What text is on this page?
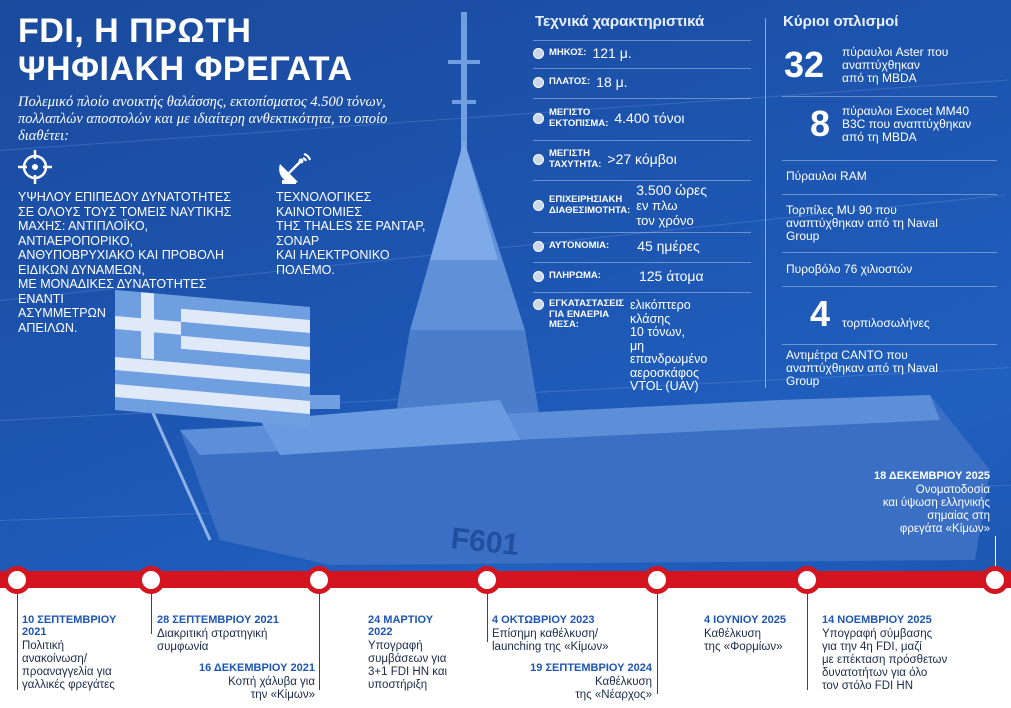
F601
FDI, Η ΠΡΩΤΗ
ΨΗΦΙΑΚΗ ΦΡΕΓΑΤΑ
Πολεμικό πλοίο ανοικτής θαλάσσης, εκτοπίσματος 4.500 τόνων, πολλαπλών αποστολών και με ιδιαίτερη ανθεκτικότητα, το οποίο διαθέτει:
ΥΨΗΛΟΥ ΕΠΙΠΕΔΟΥ ΔΥΝΑΤΟΤΗΤΕΣ
ΣΕ ΟΛΟΥΣ ΤΟΥΣ ΤΟΜΕΙΣ ΝΑΥΤΙΚΗΣ
ΜΑΧΗΣ: ΑΝΤΙΠΛΟΪΚΟ,
ΑΝΤΙΑΕΡΟΠΟΡΙΚΟ,
ΑΝΘΥΠΟΒΡΥΧΙΑΚΟ ΚΑΙ ΠΡΟΒΟΛΗ
ΕΙΔΙΚΩΝ ΔΥΝΑΜΕΩΝ,
ΜΕ ΜΟΝΑΔΙΚΕΣ ΔΥΝΑΤΟΤΗΤΕΣ
ΕΝΑΝΤΙ
ΑΣΥΜΜΕΤΡΩΝ
ΑΠΕΙΛΩΝ.
ΤΕΧΝΟΛΟΓΙΚΕΣ
ΚΑΙΝΟΤΟΜΙΕΣ
ΤΗΣ THALES ΣΕ ΡΑΝΤΑΡ,
ΣΟΝΑΡ
ΚΑΙ ΗΛΕΚΤΡΟΝΙΚΟ
ΠΟΛΕΜΟ.
Τεχνικά χαρακτηριστικά
ΜΗΚΟΣ: 121 μ.
ΠΛΑΤΟΣ: 18 μ.
ΜΕΓΙΣΤΟ
ΕΚΤΟΠΙΣΜΑ: 4.400 τόνοι
ΜΕΓΙΣΤΗ
ΤΑΧΥΤΗΤΑ: >27 κόμβοι
ΕΠΙΧΕΙΡΗΣΙΑΚΗ
ΔΙΑΘΕΣΙΜΟΤΗΤΑ:
3.500 ώρες
εν πλω
τον χρόνο
ΑΥΤΟΝΟΜΙΑ: 45 ημέρες
ΠΛΗΡΩΜΑ:	125 άτομα
ΕΓΚΑΤΑΣΤΑΣΕΙΣ
ΓΙΑ ΕΝΑΕΡΙΑ
ΜΕΣΑ:
ελικόπτερο
κλάσης
10 τόνων,
μη
επανδρωμένο
αεροσκάφος
VTOL (UAV)
Κύριοι οπλισμοί
32 πύραυλοι Aster που
αναπτύχθηκαν
από τη MBDA
8 πύραυλοι Exocet MM40
B3C που αναπτύχθηκαν
από τη MBDA
Πύραυλοι RAM
Τορπίλες MU 90 που
αναπτύχθηκαν από τη Naval
Group
Πυροβόλο 76 χιλιοστών
4 τορπιλοσωλήνες
Αντιμέτρα CANTO που
αναπτύχθηκαν από τη Naval
Group
18 ΔΕΚΕΜΒΡΙΟΥ 2025
Ονοματοδοσία
και ύψωση ελληνικής
σημαίας στη
φρεγάτα «Κίμων»
10 ΣΕΠΤΕΜΒΡΙΟΥ
2021
Πολιτική
ανακοίνωση/
προαναγγελία για
γαλλικές φρεγάτες
28 ΣΕΠΤΕΜΒΡΙΟΥ 2021
Διακριτική στρατηγική
συμφωνία
16 ΔΕΚΕΜΒΡΙΟΥ 2021
Κοπή χάλυβα για
την «Κίμων»
24 ΜΑΡΤΙΟΥ
2022
Υπογραφή
συμβάσεων για
3+1 FDI HN και
υποστήριξη
4 ΟΚΤΩΒΡΙΟΥ 2023
Επίσημη καθέλκυση/
launching της «Κίμων»
19 ΣΕΠΤΕΜΒΡΙΟΥ 2024
Καθέλκυση
της «Νέαρχος»
4 ΙΟΥΝΙΟΥ 2025
Καθέλκυση
της «Φορμίων»
14 ΝΟΕΜΒΡΙΟΥ 2025
Υπογραφή σύμβασης
για την 4η FDI, μαζί
με επέκταση πρόσθετων
δυνατοτήτων για όλο
τον στόλο FDI HN
